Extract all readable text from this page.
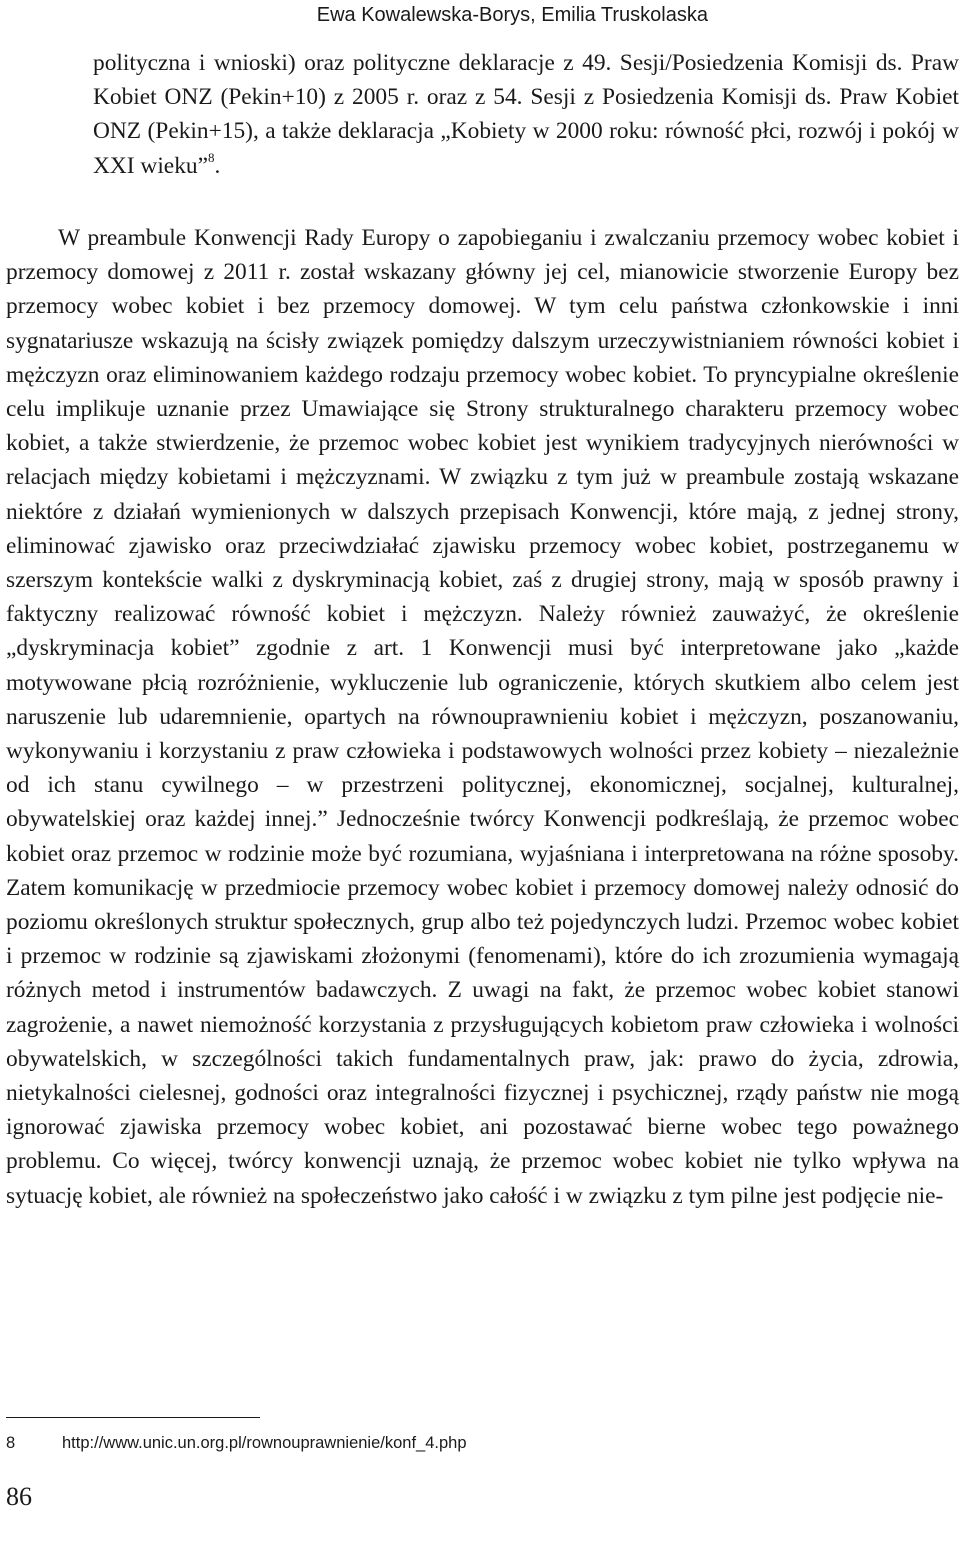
Ewa Kowalewska-Borys, Emilia Truskolaska

polityczna i wnioski) oraz polityczne deklaracje z 49. Sesji/Posiedzenia Komisji ds. Praw Kobiet ONZ (Pekin+10) z 2005 r. oraz z 54. Sesji z Posiedzenia Komisji ds. Praw Kobiet ONZ (Pekin+15), a także deklaracja „Kobiety w 2000 roku: równość płci, rozwój i pokój w XXI wieku”$^8$.

W preambule Konwencji Rady Europy o zapobieganiu i zwalczaniu przemocy wobec kobiet i przemocy domowej z 2011 r. został wskazany główny jej cel, mianowicie stworzenie Europy bez przemocy wobec kobiet i bez przemocy domowej. W tym celu państwa członkowskie i inni sygnatariusze wskazują na ścisły związek pomiędzy dalszym urzeczywistnianiem równości kobiet i mężczyzn oraz eliminowaniem każdego rodzaju przemocy wobec kobiet. To pryncypialne określenie celu implikuje uznanie przez Umawiające się Strony strukturalnego charakteru przemocy wobec kobiet, a także stwierdzenie, że przemoc wobec kobiet jest wynikiem tradycyjnych nierówności w relacjach między kobietami i mężczyznami. W związku z tym już w preambule zostają wskazane niektóre z działań wymienionych w dalszych przepisach Konwencji, które mają, z jednej strony, eliminować zjawisko oraz przeciwdziałać zjawisku przemocy wobec kobiet, postrzeganemu w szerszym kontekście walki z dyskryminacją kobiet, zaś z drugiej strony, mają w sposób prawny i faktyczny realizować równość kobiet i mężczyzn. Należy również zauważyć, że określenie „dyskryminacja kobiet” zgodnie z art. 1 Konwencji musi być interpretowane jako „każde motywowane płcią rozróżnienie, wykluczenie lub ograniczenie, których skutkiem albo celem jest naruszenie lub udaremnienie, opartych na równouprawnieniu kobiet i mężczyzn, poszanowaniu, wykonywaniu i korzystaniu z praw człowieka i podstawowych wolności przez kobiety – niezależnie od ich stanu cywilnego – w przestrzeni politycznej, ekonomicznej, socjalnej, kulturalnej, obywatelskiej oraz każdej innej.” Jednocześnie twórcy Konwencji podkreślają, że przemoc wobec kobiet oraz przemoc w rodzinie może być rozumiana, wyjaśniana i interpretowana na różne sposoby. Zatem komunikację w przedmiocie przemocy wobec kobiet i przemocy domowej należy odnosić do poziomu określonych struktur społecznych, grup albo też pojedynczych ludzi. Przemoc wobec kobiet i przemoc w rodzinie są zjawiskami złożonymi (fenomenami), które do ich zrozumienia wymagają różnych metod i instrumentów badawczych. Z uwagi na fakt, że przemoc wobec kobiet stanowi zagrożenie, a nawet niemożność korzystania z przysługujących kobietom praw człowieka i wolności obywatelskich, w szczególności takich fundamentalnych praw, jak: prawo do życia, zdrowia, nietykalności cielesnej, godności oraz integralności fizycznej i psychicznej, rządy państw nie mogą ignorować zjawiska przemocy wobec kobiet, ani pozostawać bierne wobec tego poważnego problemu. Co więcej, twórcy konwencji uznają, że przemoc wobec kobiet nie tylko wpływa na sytuację kobiet, ale również na społeczeństwo jako całość i w związku z tym pilne jest podjęcie nie-

8	http://www.unic.un.org.pl/rownouprawnienie/konf_4.php
86
